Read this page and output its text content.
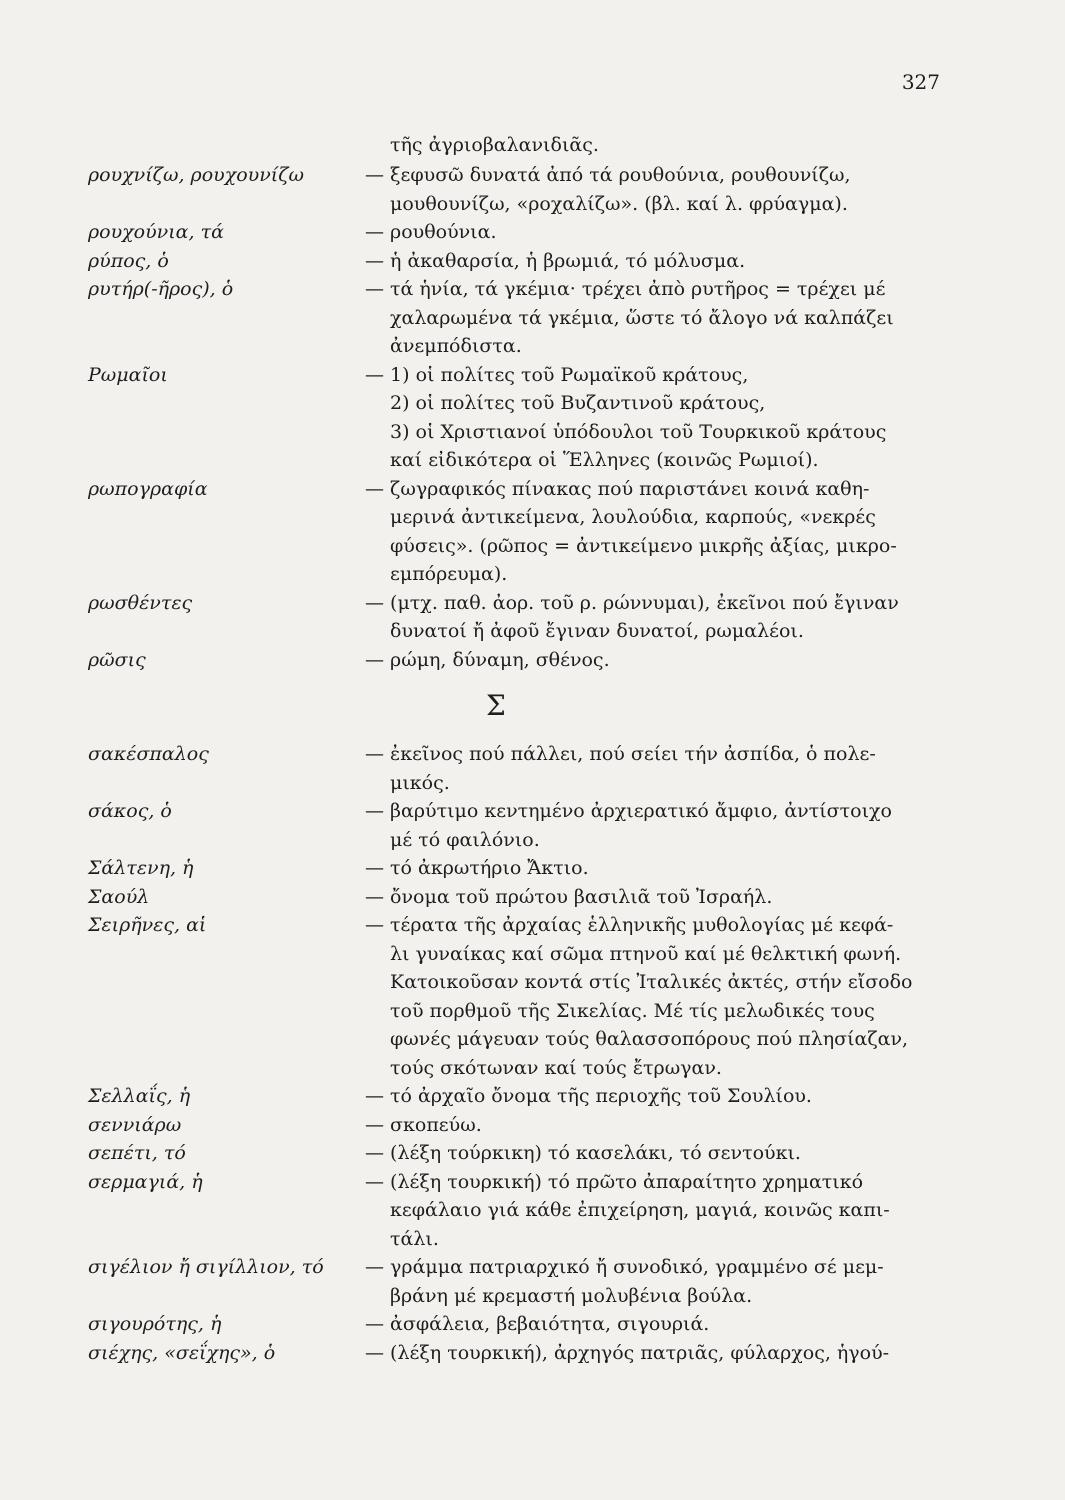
327
τῆς ἀγριοβαλανιδιᾶς.
ρουχνίζω, ρουχουνίζω	— ξεφυσῶ δυνατά ἀπό τά ρουθούνια, ρουθουνίζω,
μουθουνίζω, «ροχαλίζω». (βλ. καί λ. φρύαγμα).
ρουχούνια, τά	— ρουθούνια.
ρύπος, ὁ	— ἡ ἀκαθαρσία, ἡ βρωμιά, τό μόλυσμα.
ρυτήρ(-ῆρος), ὁ	— τά ἡνία, τά γκέμια· τρέχει ἀπὸ ρυτῆρος = τρέχει μέ
χαλαρωμένα τά γκέμια, ὥστε τό ἄλογο νά καλπάζει
ἀνεμπόδιστα.
Ρωμαῖοι	— 1) οἱ πολίτες τοῦ Ρωμαϊκοῦ κράτους,
2) οἱ πολίτες τοῦ Βυζαντινοῦ κράτους,
3) οἱ Χριστιανοί ὑπόδουλοι τοῦ Τουρκικοῦ κράτους
καί εἰδικότερα οἱ Ἕλληνες (κοινῶς Ρωμιοί).
ρωπογραφία	— ζωγραφικός πίνακας πού παριστάνει κοινά καθη-
μερινά ἀντικείμενα, λουλούδια, καρπούς, «νεκρές
φύσεις». (ρῶπος = ἀντικείμενο μικρῆς ἀξίας, μικρο-
εμπόρευμα).
ρωσθέντες	— (μτχ. παθ. ἀορ. τοῦ ρ. ρώννυμαι), ἐκεῖνοι πού ἔγιναν
δυνατοί ἤ ἀφοῦ ἔγιναν δυνατοί, ρωμαλέοι.
ρῶσις	— ρώμη, δύναμη, σθένος.
Σ
σακέσπαλος	— ἐκεῖνος πού πάλλει, πού σείει τήν ἀσπίδα, ὁ πολε-
μικός.
σάκος, ὁ	— βαρύτιμο κεντημένο ἀρχιερατικό ἄμφιο, ἀντίστοιχο
μέ τό φαιλόνιο.
Σάλτενη, ἡ	— τό ἀκρωτήριο Ἄκτιο.
Σαούλ	— ὄνομα τοῦ πρώτου βασιλιᾶ τοῦ Ἰσραήλ.
Σειρῆνες, αἱ	— τέρατα τῆς ἀρχαίας ἑλληνικῆς μυθολογίας μέ κεφά-
λι γυναίκας καί σῶμα πτηνοῦ καί μέ θελκτική φωνή.
Κατοικοῦσαν κοντά στίς Ἰταλικές ἀκτές, στήν εἴσοδο
τοῦ πορθμοῦ τῆς Σικελίας. Μέ τίς μελωδικές τους
φωνές μάγευαν τούς θαλασσοπόρους πού πλησίαζαν,
τούς σκότωναν καί τούς ἔτρωγαν.
Σελλαΐς, ἡ	— τό ἀρχαῖο ὄνομα τῆς περιοχῆς τοῦ Σουλίου.
σεννιάρω	— σκοπεύω.
σεπέτι, τό	— (λέξη τούρκικη) τό κασελάκι, τό σεντούκι.
σερμαγιά, ἡ	— (λέξη τουρκική) τό πρῶτο ἀπαραίτητο χρηματικό
κεφάλαιο γιά κάθε ἐπιχείρηση, μαγιά, κοινῶς καπι-
τάλι.
σιγέλιον ἤ σιγίλλιον, τό	— γράμμα πατριαρχικό ἤ συνοδικό, γραμμένο σέ μεμ-
βράνη μέ κρεμαστή μολυβένια βούλα.
σιγουρότης, ἡ	— ἀσφάλεια, βεβαιότητα, σιγουριά.
σιέχης, «σεΐχης», ὁ	— (λέξη τουρκική), ἀρχηγός πατριᾶς, φύλαρχος, ἡγού-
